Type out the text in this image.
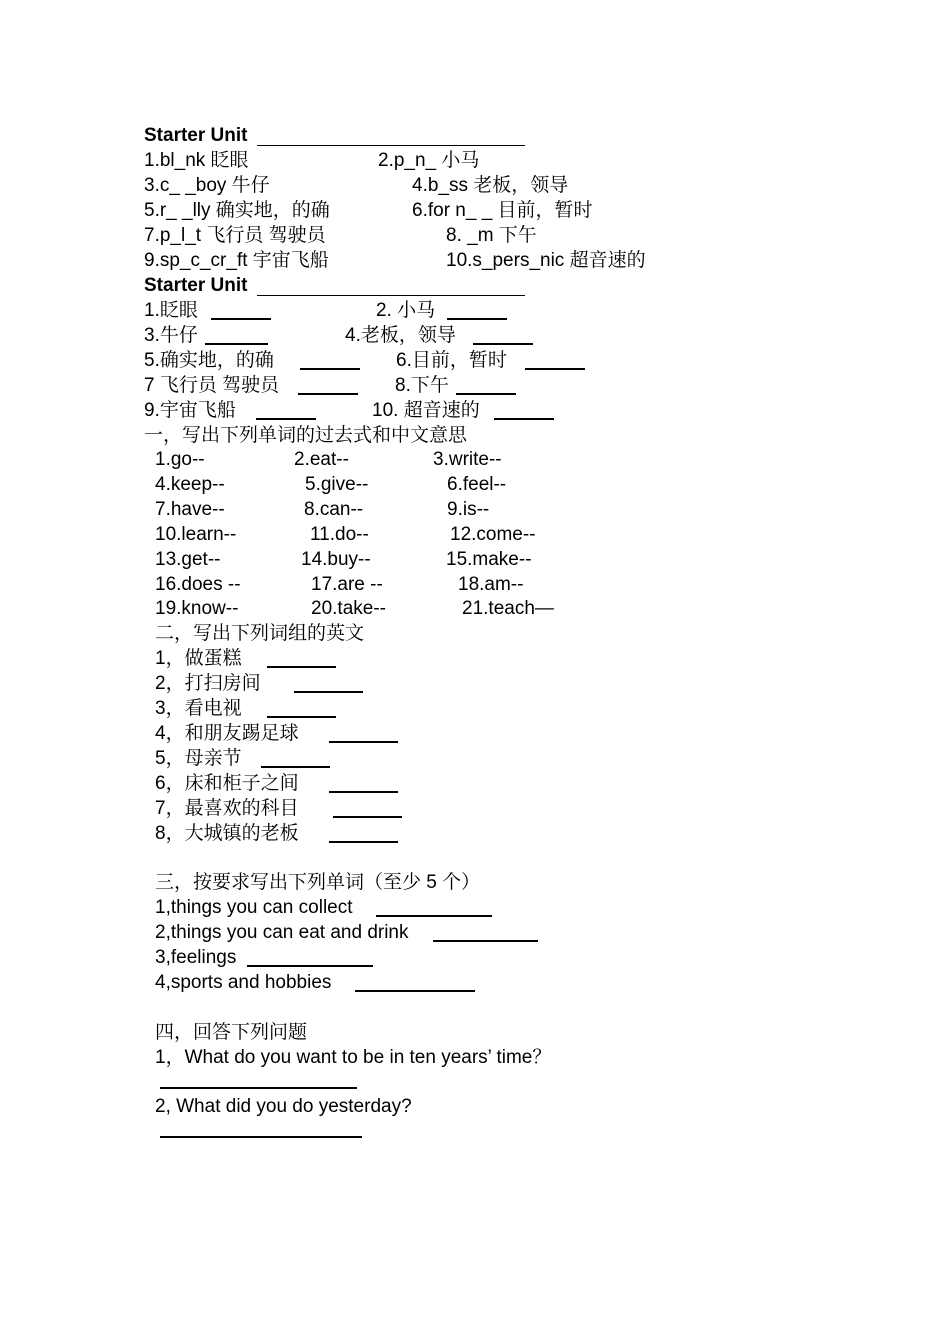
Starter Unit
1.bl_nk 眨眼	2.p_n_ 小马
3.c_ _boy 牛仔	4.b_ss 老板，领导
5.r_ _lly 确实地，的确	6.for n_ _ 目前，暂时
7.p_l_t 飞行员 驾驶员	8. _m 下午
9.sp_c_cr_ft 宇宙飞船	10.s_pers_nic 超音速的
Starter Unit
1.眨眼	2. 小马
3.牛仔	4.老板，领导
5.确实地，的确	6.目前，暂时
7 飞行员 驾驶员	8.下午
9.宇宙飞船	10. 超音速的
一，写出下列单词的过去式和中文意思
1.go--	2.eat--	3.write--
4.keep--	5.give--	6.feel--
7.have--	8.can--	9.is--
10.learn--	11.do--	12.come--
13.get--	14.buy--	15.make--
16.does --	17.are --	18.am--
19.know--	20.take--	21.teach—
二，写出下列词组的英文
1，做蛋糕
2，打扫房间
3，看电视
4，和朋友踢足球
5，母亲节
6，床和柜子之间
7，最喜欢的科目
8，大城镇的老板
三，按要求写出下列单词（至少 5 个）
1,things you can collect
2,things you can eat and drink
3,feelings
4,sports and hobbies
四，回答下列问题
1，What do you want to be in ten years’ time？
2, What did you do yesterday?
